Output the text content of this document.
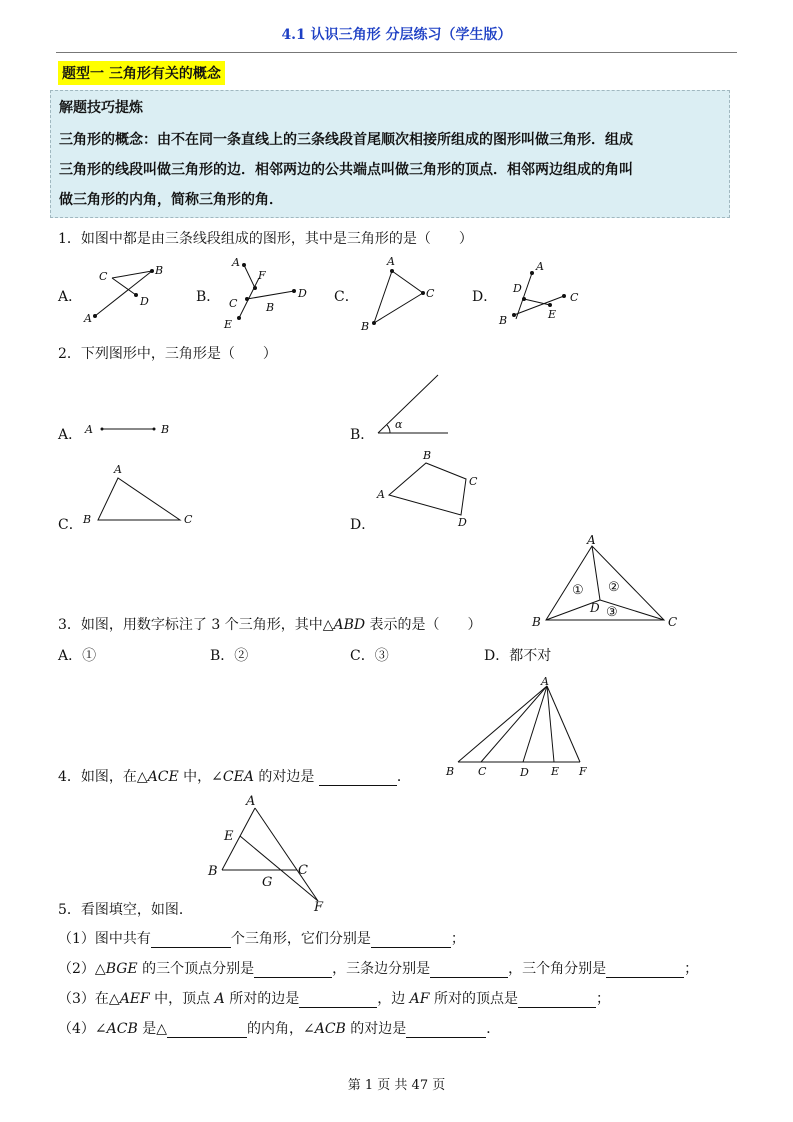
4.1 认识三角形 分层练习（学生版）
题型一 三角形有关的概念
解题技巧提炼
三角形的概念：由不在同一条直线上的三条线段首尾顺次相接所组成的图形叫做三角形．组成
三角形的线段叫做三角形的边．相邻两边的公共端点叫做三角形的顶点．相邻两边组成的角叫
做三角形的内角，简称三角形的角．
1．如图中都是由三条线段组成的图形，其中是三角形的是（　　）
A．
C	B
D
A
B．
A
F
C
D
B
E
C．
A
C
B
D．
A
D
C
B	E
2．下列图形中，三角形是（　　）
A． A	B	B．
α
C．
A
B	C	D．
B
C
A
D
A
D
B	C
① ②
③
3．如图，用数字标注了 3 个三角形，其中△ABD 表示的是（　　）
A．①	B．②	C．③	D．都不对
A
B C	D E F
4．如图，在△ACE 中，∠CEA 的对边是	．
A
E
B	C
G
F
5．看图填空，如图．
（1）图中共有	个三角形，它们分别是	；
（2）△BGE 的三个顶点分别是	，三条边分别是	，三个角分别是	；
（3）在△AEF 中，顶点 A 所对的边是	，边 AF 所对的顶点是	；
（4）∠ACB 是△	的内角，∠ACB 的对边是	．
第 1 页 共 47 页
